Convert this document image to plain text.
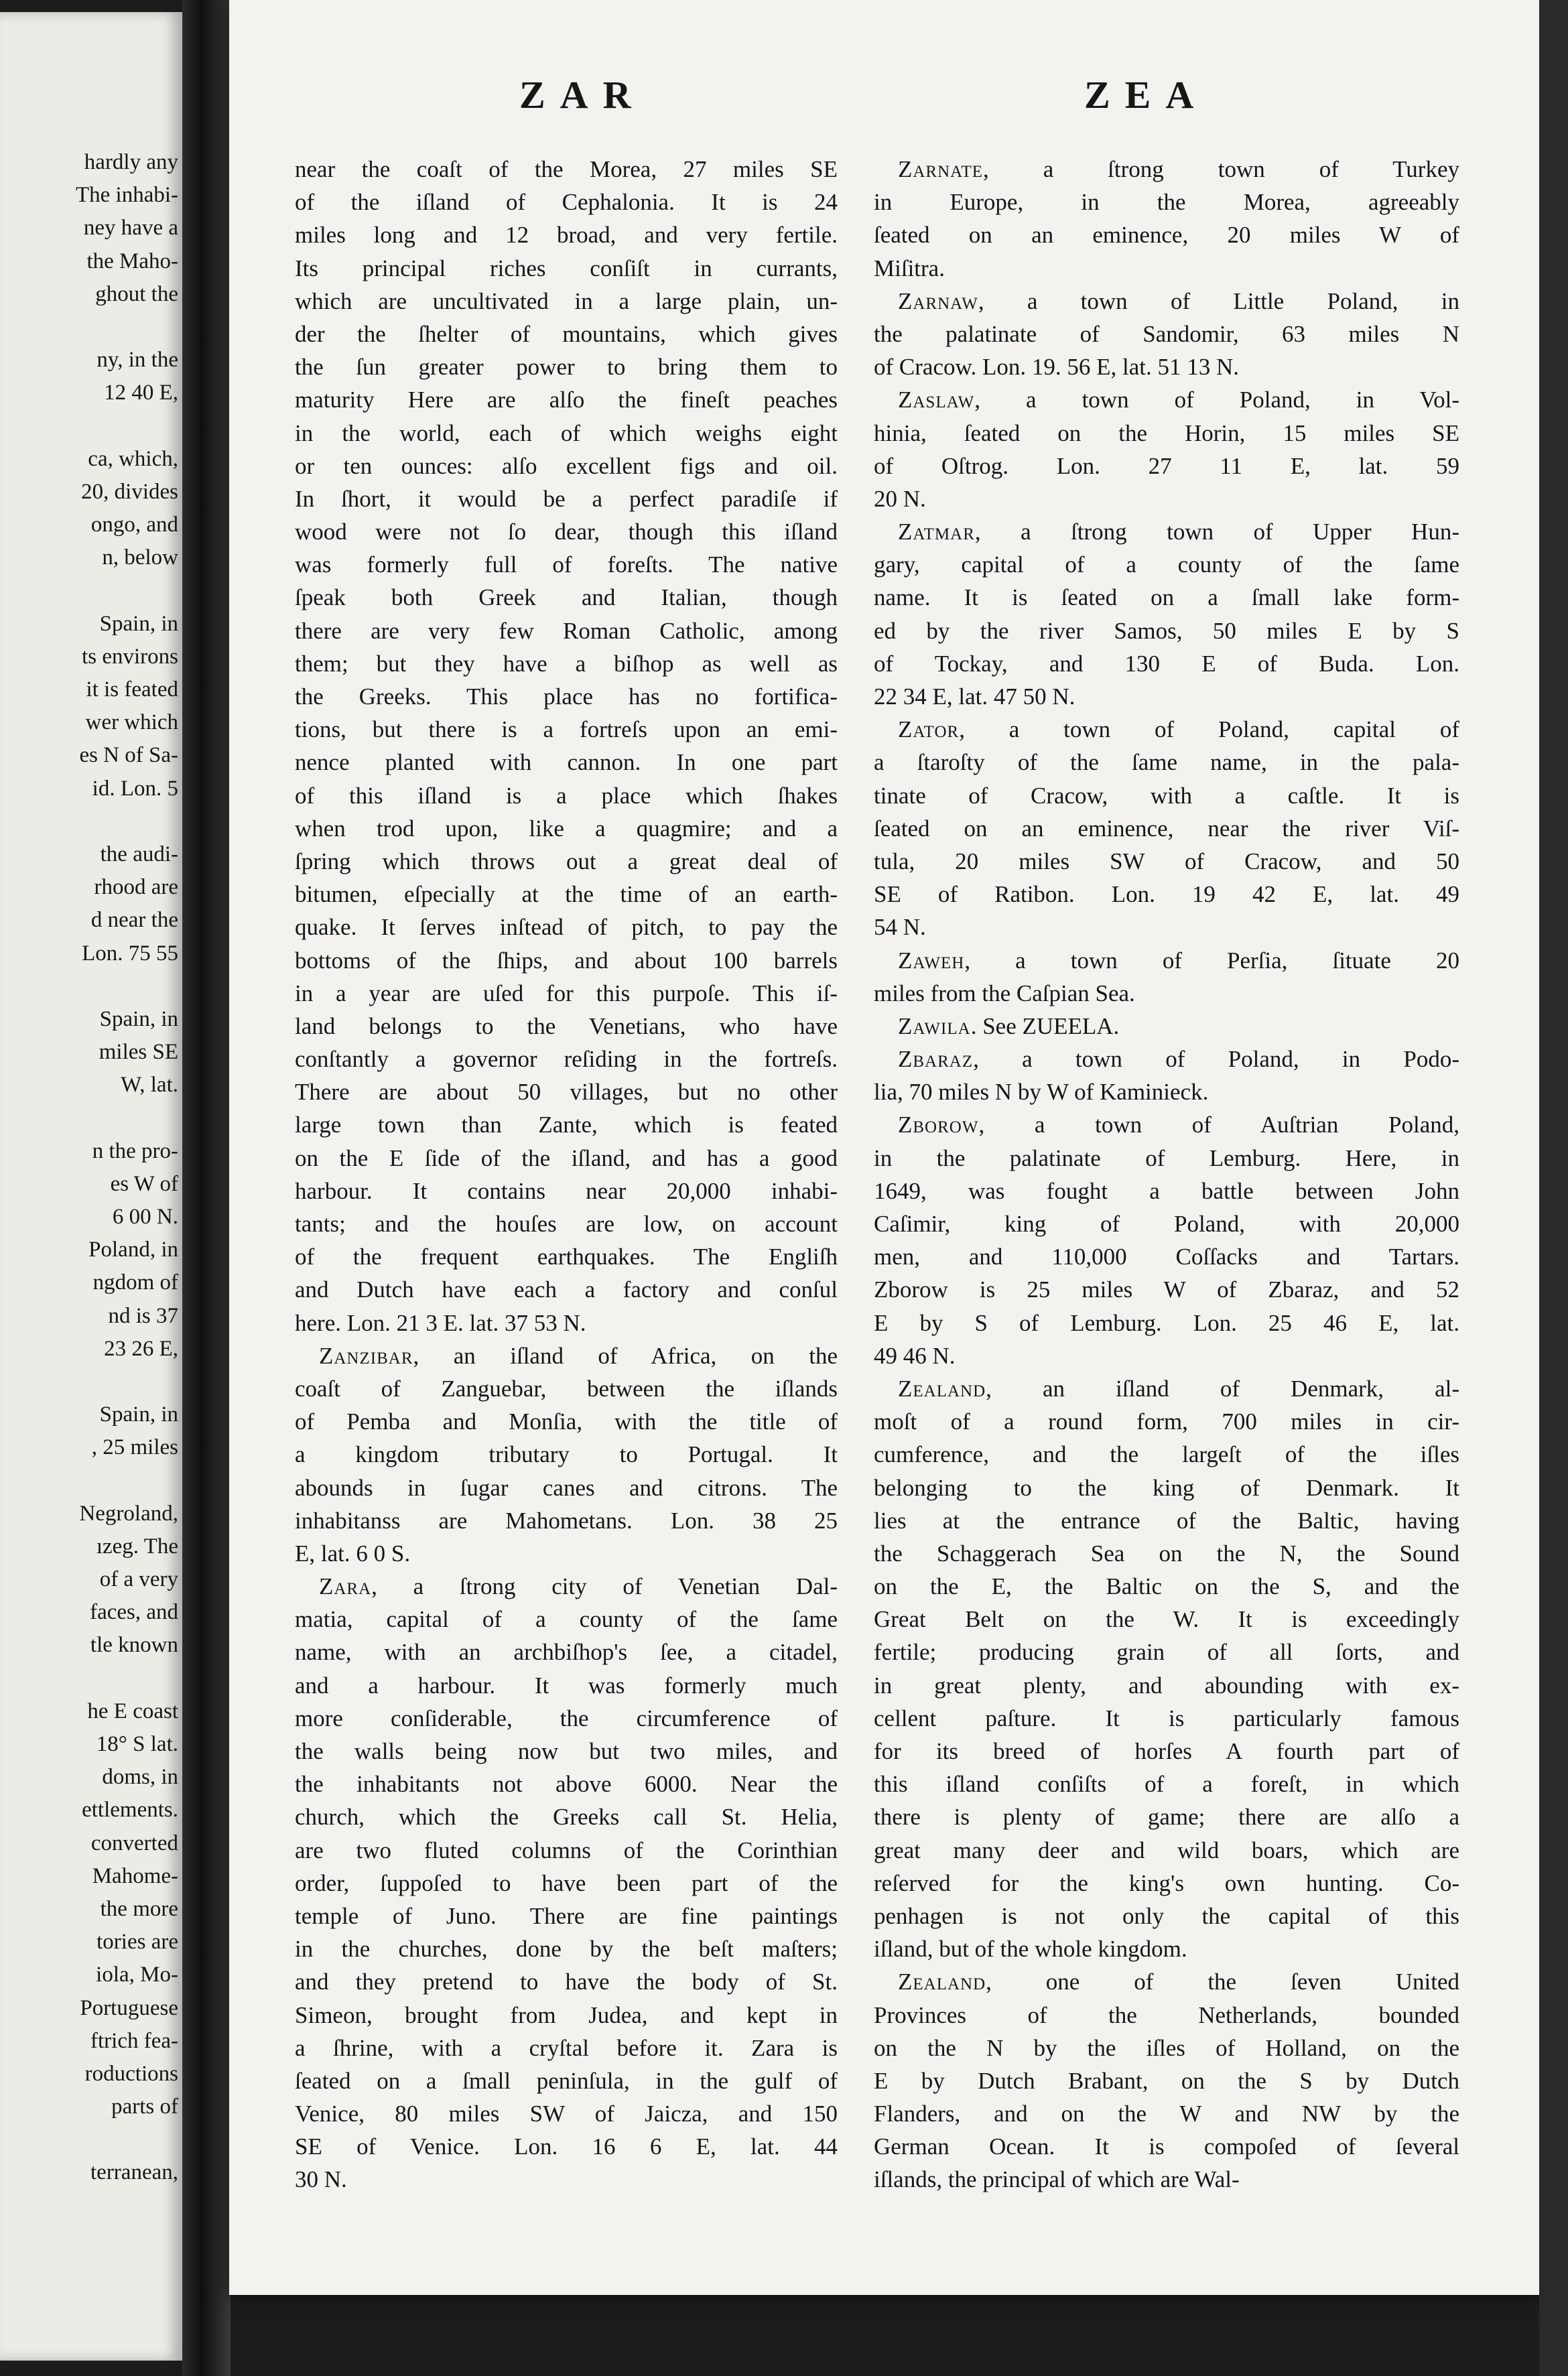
hardly any
The inhabi-
ney have a
the Maho-
ghout the
ny, in the
12 40 E,
ca, which,
20, divides
ongo, and
n, below
Spain, in
ts environs
it is feated
wer which
es N of Sa-
id. Lon. 5
the audi-
rhood are
d near the
Lon. 75 55
Spain, in
miles SE
W, lat.
n the pro-
es W of
6 00 N.
Poland, in
ngdom of
nd is 37
23 26 E,
Spain, in
, 25 miles
Negroland,
ızeg. The
of a very
faces, and
tle known
he E coast
18° S lat.
doms, in
ettlements.
converted
Mahome-
the more
tories are
iola, Mo-
Portuguese
ftrich fea-
roductions
parts of
terranean,
ZAR	ZEA
near the coaſt of the Morea, 27 miles SE
of the iſland of Cephalonia. It is 24
miles long and 12 broad, and very fertile.
Its principal riches conſiſt in currants,
which are uncultivated in a large plain, un-
der the ſhelter of mountains, which gives
the ſun greater power to bring them to
maturity Here are alſo the fineſt peaches
in the world, each of which weighs eight
or ten ounces: alſo excellent figs and oil.
In ſhort, it would be a perfect paradiſe if
wood were not ſo dear, though this iſland
was formerly full of foreſts. The native
ſpeak both Greek and Italian, though
there are very few Roman Catholic, among
them; but they have a biſhop as well as
the Greeks. This place has no fortifica-
tions, but there is a fortreſs upon an emi-
nence planted with cannon. In one part
of this iſland is a place which ſhakes
when trod upon, like a quagmire; and a
ſpring which throws out a great deal of
bitumen, eſpecially at the time of an earth-
quake. It ſerves inſtead of pitch, to pay the
bottoms of the ſhips, and about 100 barrels
in a year are uſed for this purpoſe. This iſ-
land belongs to the Venetians, who have
conſtantly a governor reſiding in the fortreſs.
There are about 50 villages, but no other
large town than Zante, which is feated
on the E ſide of the iſland, and has a good
harbour. It contains near 20,000 inhabi-
tants; and the houſes are low, on account
of the frequent earthquakes. The Engliſh
and Dutch have each a factory and conſul
here. Lon. 21 3 E. lat. 37 53 N.
Zanzibar, an iſland of Africa, on the
coaſt of Zanguebar, between the iſlands
of Pemba and Monſia, with the title of
a kingdom tributary to Portugal. It
abounds in ſugar canes and citrons. The
inhabitanss are Mahometans. Lon. 38 25
E, lat. 6 0 S.
Zara, a ſtrong city of Venetian Dal-
matia, capital of a county of the ſame
name, with an archbiſhop's ſee, a citadel,
and a harbour. It was formerly much
more conſiderable, the circumference of
the walls being now but two miles, and
the inhabitants not above 6000. Near the
church, which the Greeks call St. Helia,
are two fluted columns of the Corinthian
order, ſuppoſed to have been part of the
temple of Juno. There are fine paintings
in the churches, done by the beſt maſters;
and they pretend to have the body of St.
Simeon, brought from Judea, and kept in
a ſhrine, with a cryſtal before it. Zara is
ſeated on a ſmall peninſula, in the gulf of
Venice, 80 miles SW of Jaicza, and 150
SE of Venice. Lon. 16 6 E, lat. 44
30 N.
Zarnate, a ſtrong town of Turkey
in Europe, in the Morea, agreeably
ſeated on an eminence, 20 miles W of
Miſitra.
Zarnaw, a town of Little Poland, in
the palatinate of Sandomir, 63 miles N
of Cracow. Lon. 19. 56 E, lat. 51 13 N.
Zaslaw, a town of Poland, in Vol-
hinia, ſeated on the Horin, 15 miles SE
of Oſtrog. Lon. 27 11 E, lat. 59
20 N.
Zatmar, a ſtrong town of Upper Hun-
gary, capital of a county of the ſame
name. It is ſeated on a ſmall lake form-
ed by the river Samos, 50 miles E by S
of Tockay, and 130 E of Buda. Lon.
22 34 E, lat. 47 50 N.
Zator, a town of Poland, capital of
a ſtaroſty of the ſame name, in the pala-
tinate of Cracow, with a caſtle. It is
ſeated on an eminence, near the river Viſ-
tula, 20 miles SW of Cracow, and 50
SE of Ratibon. Lon. 19 42 E, lat. 49
54 N.
Zaweh, a town of Perſia, ſituate 20
miles from the Caſpian Sea.
Zawila. See ZUEELA.
Zbaraz, a town of Poland, in Podo-
lia, 70 miles N by W of Kaminieck.
Zborow, a town of Auſtrian Poland,
in the palatinate of Lemburg. Here, in
1649, was fought a battle between John
Caſimir, king of Poland, with 20,000
men, and 110,000 Coſſacks and Tartars.
Zborow is 25 miles W of Zbaraz, and 52
E by S of Lemburg. Lon. 25 46 E, lat.
49 46 N.
Zealand, an iſland of Denmark, al-
moſt of a round form, 700 miles in cir-
cumference, and the largeſt of the iſles
belonging to the king of Denmark. It
lies at the entrance of the Baltic, having
the Schaggerach Sea on the N, the Sound
on the E, the Baltic on the S, and the
Great Belt on the W. It is exceedingly
fertile; producing grain of all ſorts, and
in great plenty, and abounding with ex-
cellent paſture. It is particularly famous
for its breed of horſes A fourth part of
this iſland conſiſts of a foreſt, in which
there is plenty of game; there are alſo a
great many deer and wild boars, which are
reſerved for the king's own hunting. Co-
penhagen is not only the capital of this
iſland, but of the whole kingdom.
Zealand, one of the ſeven United
Provinces of the Netherlands, bounded
on the N by the iſles of Holland, on the
E by Dutch Brabant, on the S by Dutch
Flanders, and on the W and NW by the
German Ocean. It is compoſed of ſeveral
iſlands, the principal of which are Wal-
